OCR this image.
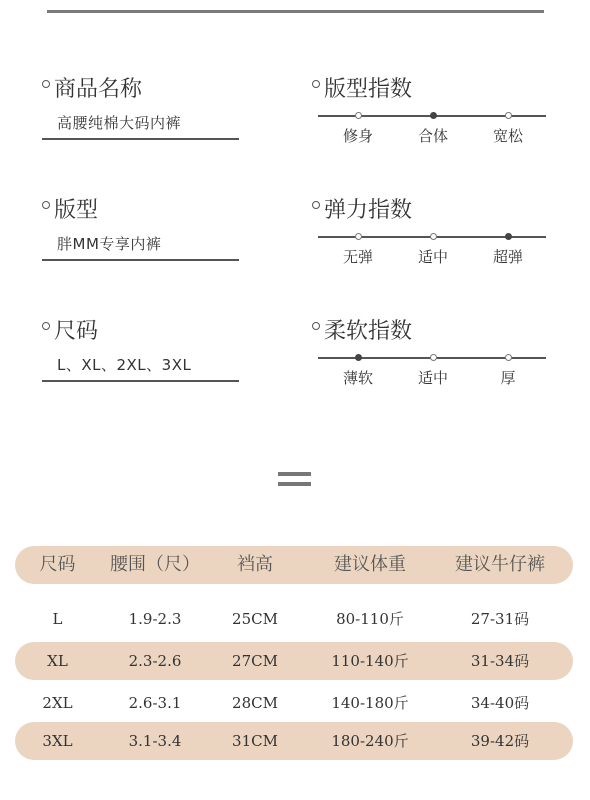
商品名称
高腰纯棉大码内裤
版型
胖MM专享内裤
尺码
L、XL、2XL、3XL
版型指数
修身	合体	宽松
弹力指数
无弹	适中	超弹
柔软指数
薄软	适中	厚
尺码	腰围（尺）	裆高	建议体重	建议牛仔裤
L	1.9-2.3	25CM	80-110斤	27-31码
XL	2.3-2.6	27CM	110-140斤	31-34码
2XL	2.6-3.1	28CM	140-180斤	34-40码
3XL	3.1-3.4	31CM	180-240斤	39-42码
